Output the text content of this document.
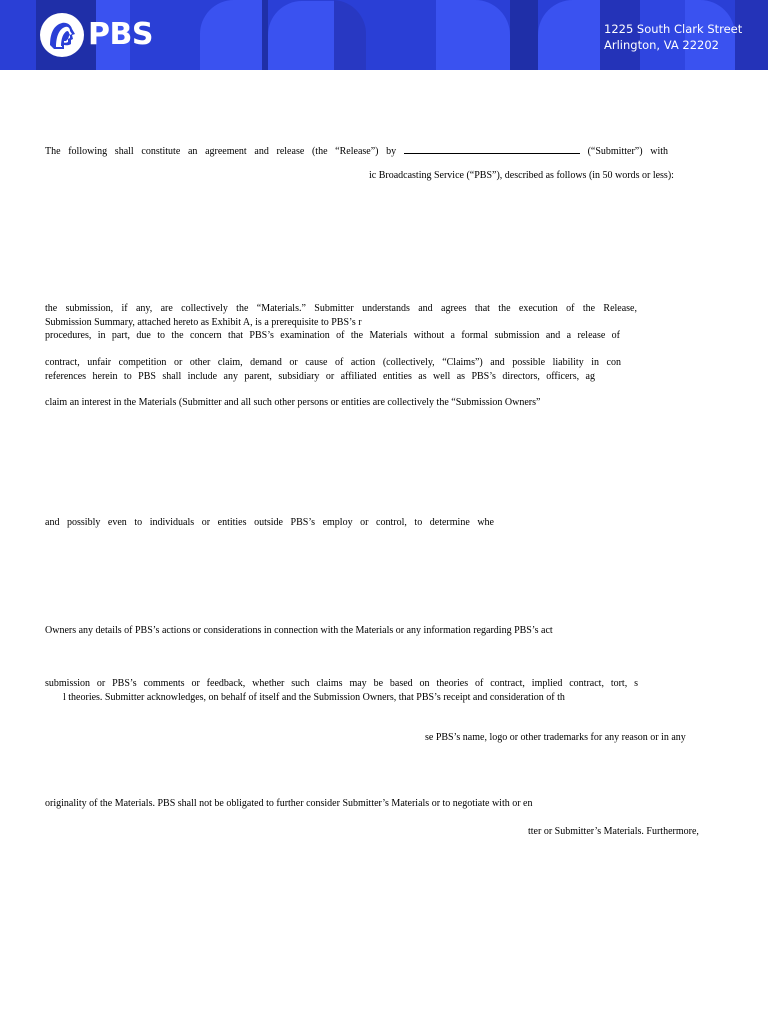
PBS	1225 South Clark Street
Arlington, VA 22202
The following shall constitute an agreement and release (the “Release”) by	(“Submitter”) with
ic Broadcasting Service (“PBS”), described as follows (in 50 words or less):
the submission, if any, are collectively the “Materials.” Submitter understands and agrees that the execution of the Release,
Submission Summary, attached hereto as Exhibit A, is a prerequisite to PBS’s r
procedures, in part, due to the concern that PBS’s examination of the Materials without a formal submission and a release of
contract, unfair competition or other claim, demand or cause of action (collectively, “Claims”) and possible liability in con
references herein to PBS shall include any parent, subsidiary or affiliated entities as well as PBS’s directors, officers, ag
claim an interest in the Materials (Submitter and all such other persons or entities are collectively the “Submission Owners”
and possibly even to individuals or entities outside PBS’s employ or control, to determine whe
Owners any details of PBS’s actions or considerations in connection with the Materials or any information regarding PBS’s act
submission or PBS’s comments or feedback, whether such claims may be based on theories of contract, implied contract, tort, s
l theories. Submitter acknowledges, on behalf of itself and the Submission Owners, that PBS’s receipt and consideration of th
se PBS’s name, logo or other trademarks for any reason or in any
originality of the Materials. PBS shall not be obligated to further consider Submitter’s Materials or to negotiate with or en
tter or Submitter’s Materials. Furthermore,
